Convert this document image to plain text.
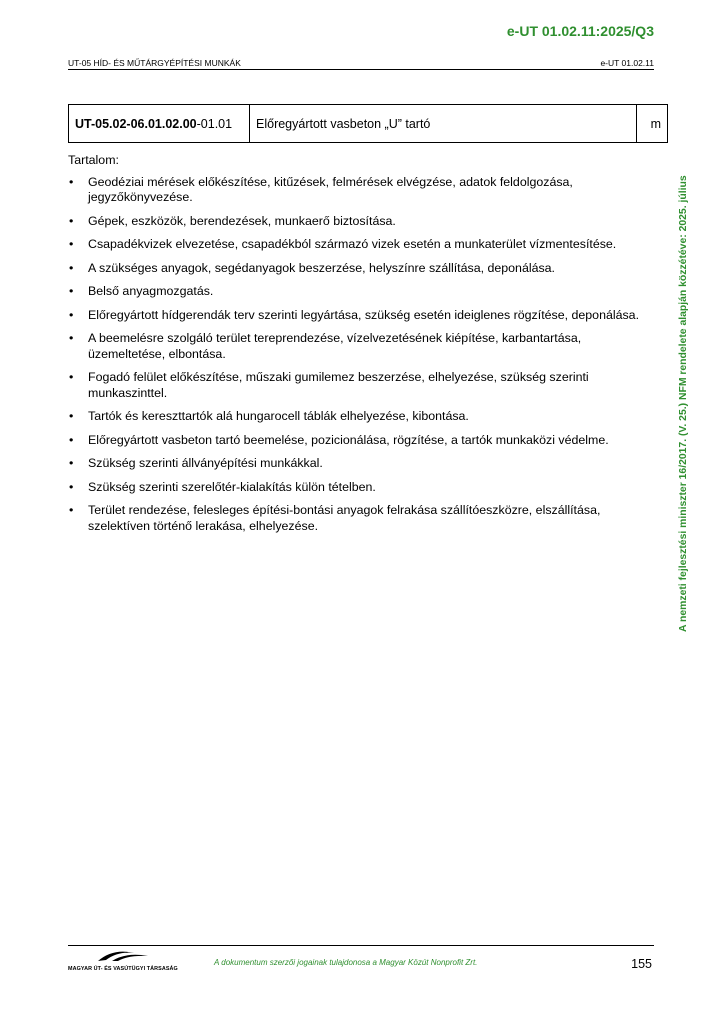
e-UT 01.02.11:2025/Q3
UT-05 HÍD- ÉS MŰTÁRGYÉPÍTÉSI MUNKÁK	e-UT 01.02.11
UT-05.02-06.01.02.00-01.01	Előregyártott vasbeton „U” tartó	m

Tartalom:

• Geodéziai mérések előkészítése, kitűzések, felmérések elvégzése, adatok feldolgozása, jegyzőkönyvezése.
• Gépek, eszközök, berendezések, munkaerő biztosítása.
• Csapadékvizek elvezetése, csapadékból származó vizek esetén a munkaterület vízmentesítése.
• A szükséges anyagok, segédanyagok beszerzése, helyszínre szállítása, deponálása.
• Belső anyagmozgatás.
• Előregyártott hídgerendák terv szerinti legyártása, szükség esetén ideiglenes rögzítése, deponálása.
• A beemelésre szolgáló terület tereprendezése, vízelvezetésének kiépítése, karbantartása, üzemeltetése, elbontása.
• Fogadó felület előkészítése, műszaki gumilemez beszerzése, elhelyezése, szükség szerinti munkaszinttel.
• Tartók és kereszttartók alá hungarocell táblák elhelyezése, kibontása.
• Előregyártott vasbeton tartó beemelése, pozicionálása, rögzítése, a tartók munkaközi védelme.
• Szükség szerinti állványépítési munkákkal.
• Szükség szerinti szerelőtér-kialakítás külön tételben.
• Terület rendezése, felesleges építési-bontási anyagok felrakása szállítóeszközre, elszállítása, szelektíven történő lerakása, elhelyezése.	A nemzeti fejlesztési miniszter 16/2017. (V. 25.) NFM rendelete alapján közzétéve: 2025. július
MAGYAR ÚT- ÉS VASÚTÜGYI TÁRSASÁG
A dokumentum szerzői jogainak tulajdonosa a Magyar Közút Nonprofit Zrt.	155
